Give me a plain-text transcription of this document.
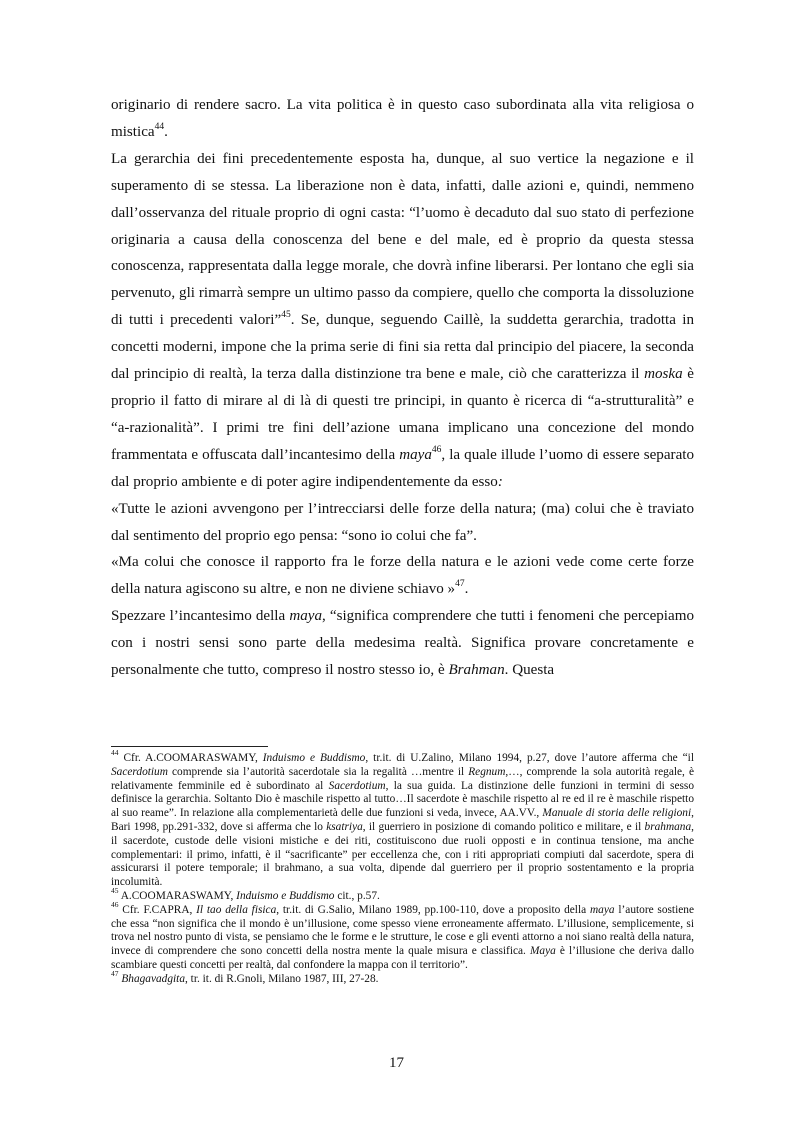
originario di rendere sacro. La vita politica è in questo caso subordinata alla vita religiosa o mistica$^{44}$.

La gerarchia dei fini precedentemente esposta ha, dunque, al suo vertice la negazione e il superamento di se stessa. La liberazione non è data, infatti, dalle azioni e, quindi, nemmeno dall’osservanza del rituale proprio di ogni casta: “l’uomo è decaduto dal suo stato di perfezione originaria a causa della conoscenza del bene e del male, ed è proprio da questa stessa conoscenza, rappresentata dalla legge morale, che dovrà infine liberarsi. Per lontano che egli sia pervenuto, gli rimarrà sempre un ultimo passo da compiere, quello che comporta la dissoluzione di tutti i precedenti valori”$^{45}$. Se, dunque, seguendo Caillè, la suddetta gerarchia, tradotta in concetti moderni, impone che la prima serie di fini sia retta dal principio del piacere, la seconda dal principio di realtà, la terza dalla distinzione tra bene e male, ciò che caratterizza il moska è proprio il fatto di mirare al di là di questi tre principi, in quanto è ricerca di “a-strutturalità” e “a-razionalità”. I primi tre fini dell’azione umana implicano una concezione del mondo frammentata e offuscata dall’incantesimo della maya$^{46}$, la quale illude l’uomo di essere separato dal proprio ambiente e di poter agire indipendentemente da esso:

«Tutte le azioni avvengono per l’intrecciarsi delle forze della natura; (ma) colui che è traviato dal sentimento del proprio ego pensa: “sono io colui che fa”.

«Ma colui che conosce il rapporto fra le forze della natura e le azioni vede come certe forze della natura agiscono su altre, e non ne diviene schiavo »$^{47}$.

Spezzare l’incantesimo della maya, “significa comprendere che tutti i fenomeni che percepiamo con i nostri sensi sono parte della medesima realtà. Significa provare concretamente e personalmente che tutto, compreso il nostro stesso io, è Brahman. Questa

$^{44}$ Cfr. A.COOMARASWAMY, Induismo e Buddismo, tr.it. di U.Zalino, Milano 1994, p.27, dove l’autore afferma che “il Sacerdotium comprende sia l’autorità sacerdotale sia la regalità …mentre il Regnum,…, comprende la sola autorità regale, è relativamente femminile ed è subordinato al Sacerdotium, la sua guida. La distinzione delle funzioni in termini di sesso definisce la gerarchia. Soltanto Dio è maschile rispetto al tutto…Il sacerdote è maschile rispetto al re ed il re è maschile rispetto al suo reame”. In relazione alla complementarietà delle due funzioni si veda, invece, AA.VV., Manuale di storia delle religioni, Bari 1998, pp.291-332, dove si afferma che lo ksatriya, il guerriero in posizione di comando politico e militare, e il brahmana, il sacerdote, custode delle visioni mistiche e dei riti, costituiscono due ruoli opposti e in continua tensione, ma anche complementari: il primo, infatti, è il “sacrificante” per eccellenza che, con i riti appropriati compiuti dal sacerdote, spera di assicurarsi il potere temporale; il brahmano, a sua volta, dipende dal guerriero per il proprio sostentamento e la propria incolumità.

$^{45}$ A.COOMARASWAMY, Induismo e Buddismo cit., p.57.

$^{46}$ Cfr. F.CAPRA, Il tao della fisica, tr.it. di G.Salio, Milano 1989, pp.100-110, dove a proposito della maya l’autore sostiene che essa “non significa che il mondo è un’illusione, come spesso viene erroneamente affermato. L’illusione, semplicemente, si trova nel nostro punto di vista, se pensiamo che le forme e le strutture, le cose e gli eventi attorno a noi siano realtà della natura, invece di comprendere che sono concetti della nostra mente la quale misura e classifica. Maya è l’illusione che deriva dallo scambiare questi concetti per realtà, dal confondere la mappa con il territorio”.

$^{47}$ Bhagavadgita, tr. it. di R.Gnoli, Milano 1987, III, 27-28.

17
